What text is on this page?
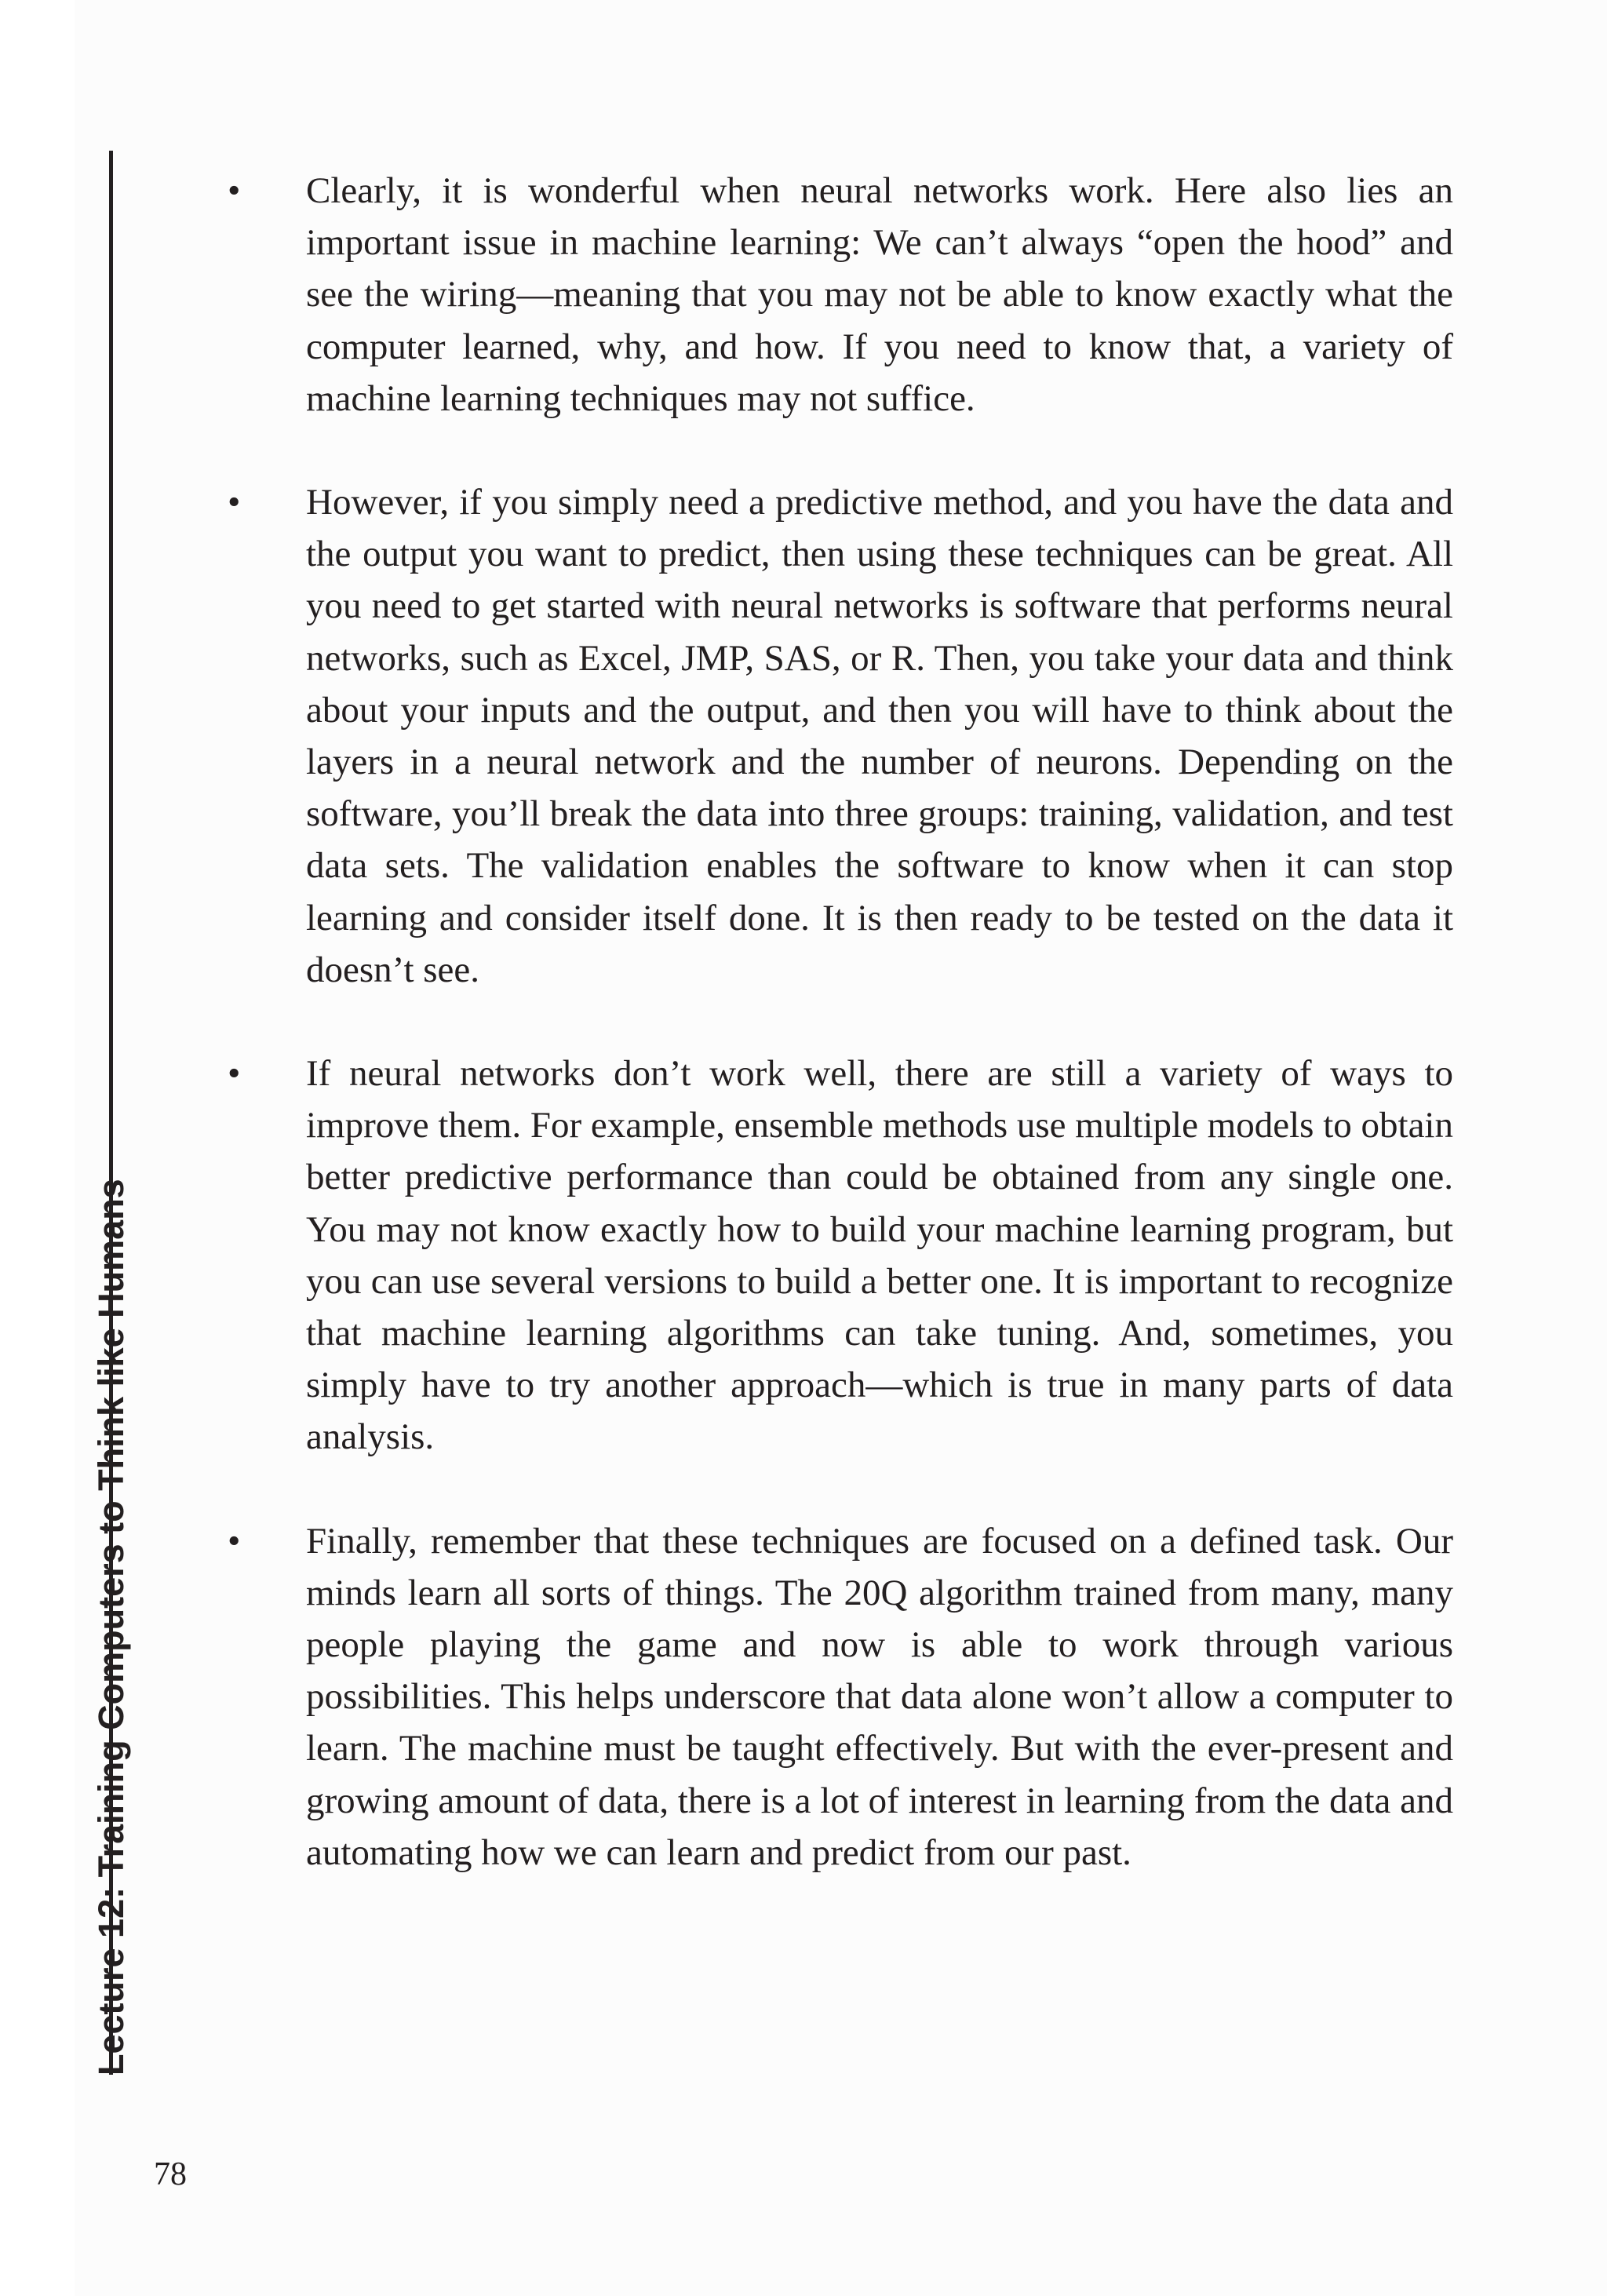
Lecture 12: Training Computers to Think like Humans
• Clearly, it is wonderful when neural networks work. Here also lies an important issue in machine learning: We can’t always “open the hood” and see the wiring—meaning that you may not be able to know exactly what the computer learned, why, and how. If you need to know that, a variety of machine learning techniques may not suffice.
• However, if you simply need a predictive method, and you have the data and the output you want to predict, then using these techniques can be great. All you need to get started with neural networks is software that performs neural networks, such as Excel, JMP, SAS, or R. Then, you take your data and think about your inputs and the output, and then you will have to think about the layers in a neural network and the number of neurons. Depending on the software, you’ll break the data into three groups: training, validation, and test data sets. The validation enables the software to know when it can stop learning and consider itself done. It is then ready to be tested on the data it doesn’t see.
• If neural networks don’t work well, there are still a variety of ways to improve them. For example, ensemble methods use multiple models to obtain better predictive performance than could be obtained from any single one. You may not know exactly how to build your machine learning program, but you can use several versions to build a better one. It is important to recognize that machine learning algorithms can take tuning. And, sometimes, you simply have to try another approach—which is true in many parts of data analysis.
• Finally, remember that these techniques are focused on a defined task. Our minds learn all sorts of things. The 20Q algorithm trained from many, many people playing the game and now is able to work through various possibilities. This helps underscore that data alone won’t allow a computer to learn. The machine must be taught effectively. But with the ever-present and growing amount of data, there is a lot of interest in learning from the data and automating how we can learn and predict from our past.
78
